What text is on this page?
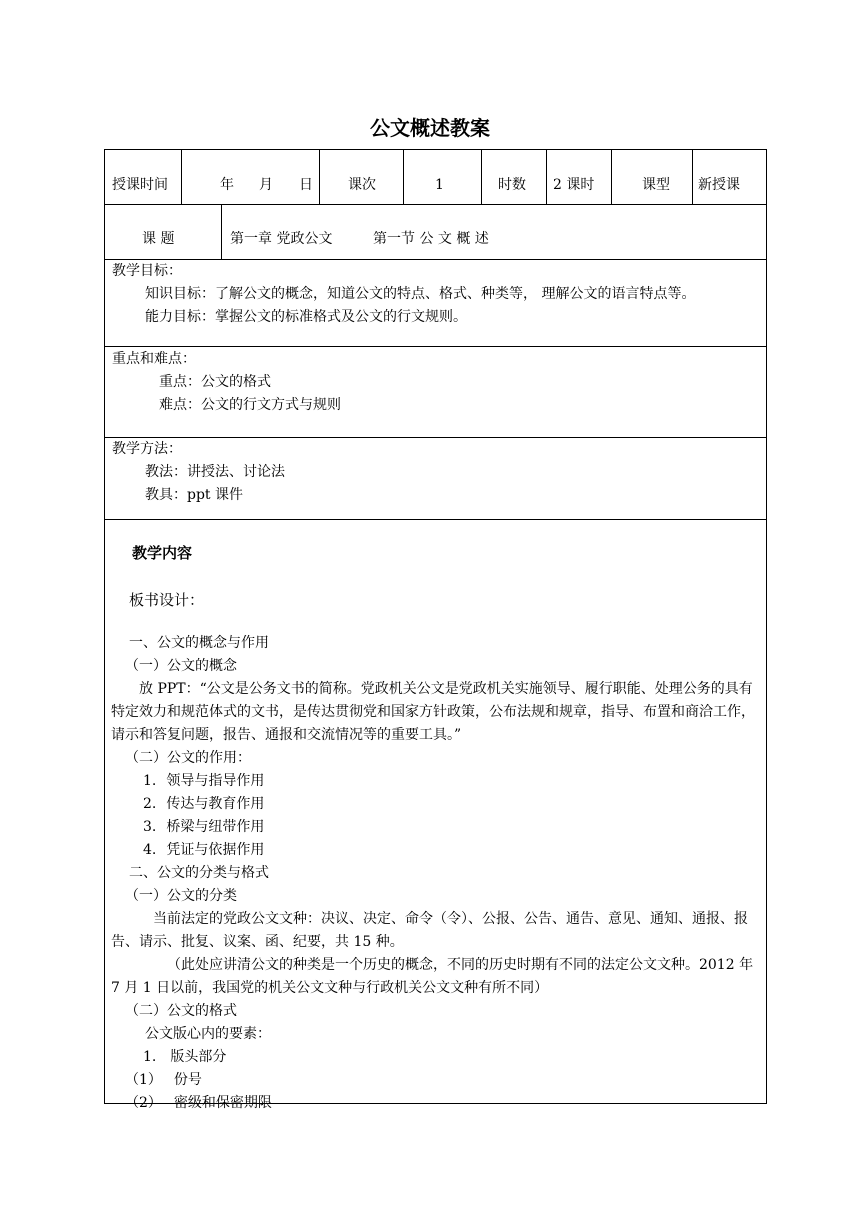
公文概述教案
授课时间	年 月 日	课次	1	时数 2 课时	课型 新授课
课 题	第一章 党政公文	第一节 公 文 概 述
教学目标：
知识目标：了解公文的概念，知道公文的特点、格式、种类等， 理解公文的语言特点等。
能力目标：掌握公文的标准格式及公文的行文规则。
重点和难点：
重点：公文的格式
难点：公文的行文方式与规则
教学方法：
教法：讲授法、讨论法
教具：ppt 课件
教学内容
板书设计：
一、公文的概念与作用
（一）公文的概念
放 PPT：“公文是公务文书的简称。党政机关公文是党政机关实施领导、履行职能、处理公务的具有特定效力和规范体式的文书，是传达贯彻党和国家方针政策，公布法规和规章，指导、布置和商洽工作，请示和答复问题，报告、通报和交流情况等的重要工具。”
（二）公文的作用：
1. 领导与指导作用
2. 传达与教育作用
3. 桥梁与纽带作用
4. 凭证与依据作用
二、公文的分类与格式
（一）公文的分类
当前法定的党政公文文种：决议、决定、命令（令）、公报、公告、通告、意见、通知、通报、报告、请示、批复、议案、函、纪要，共 15 种。
（此处应讲清公文的种类是一个历史的概念，不同的历史时期有不同的法定公文文种。2012 年 7 月 1 日以前，我国党的机关公文文种与行政机关公文文种有所不同）
（二）公文的格式
公文版心内的要素：
1.　版头部分
（1） 份号
（2） 密级和保密期限
